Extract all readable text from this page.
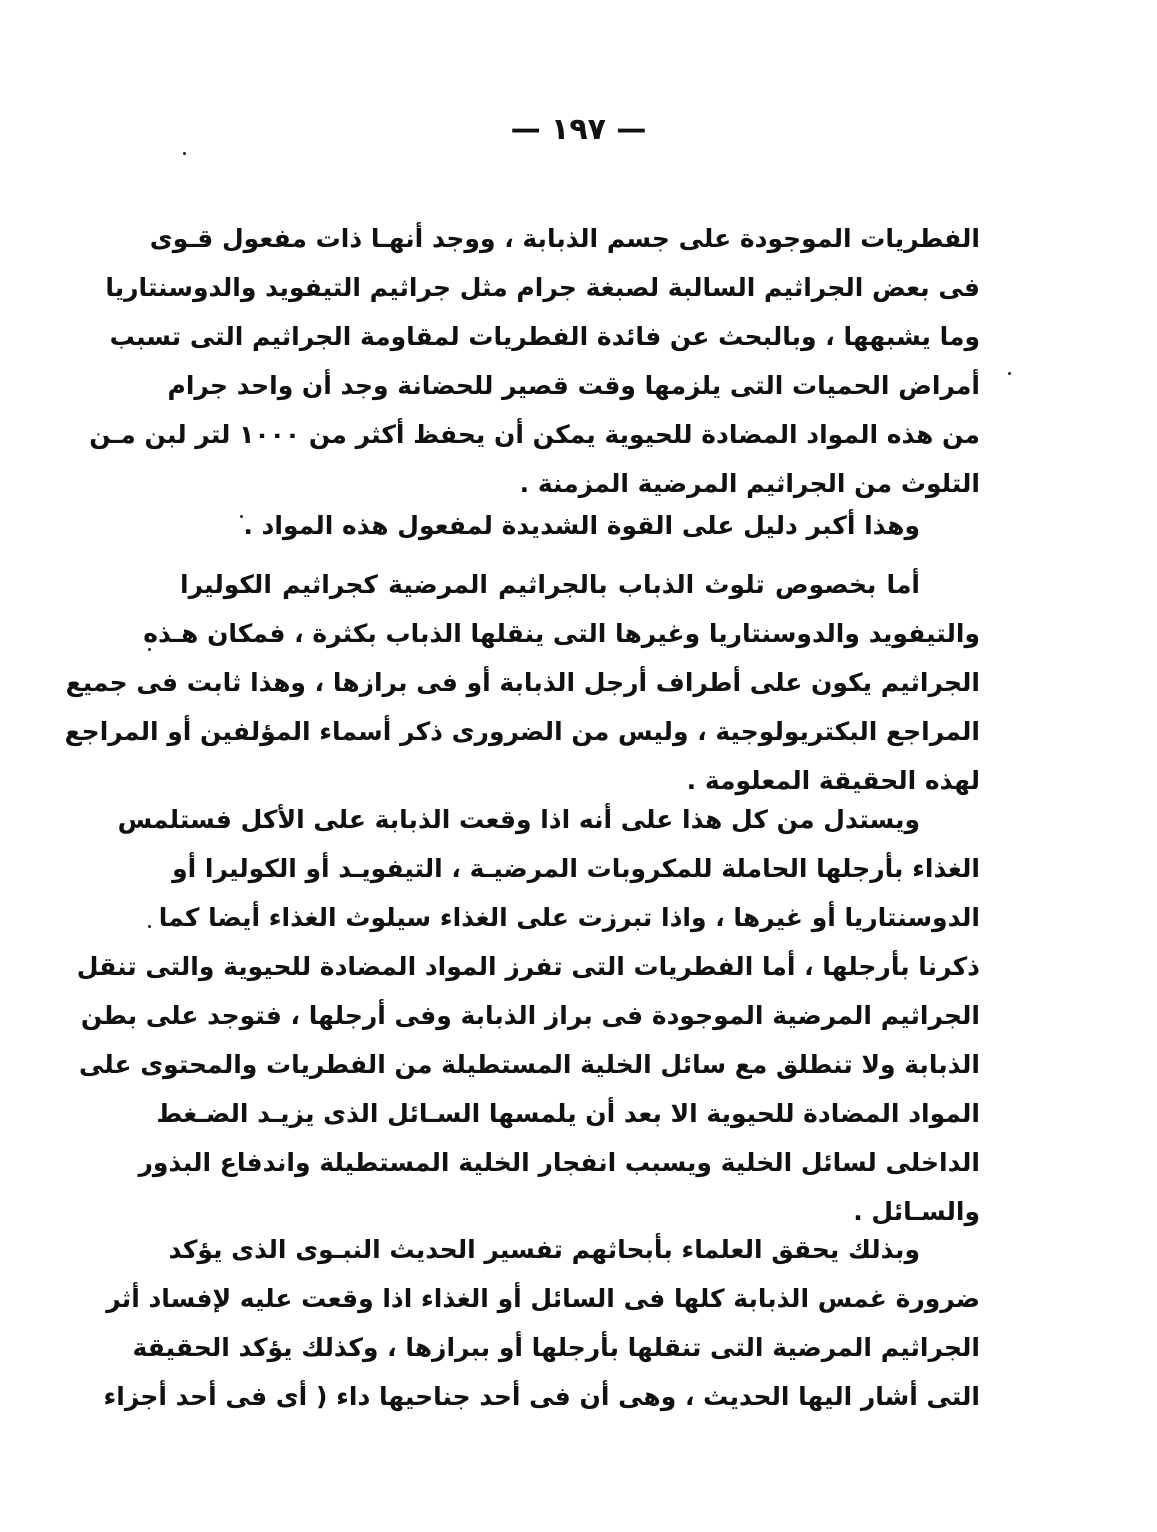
— ١٩٧ —
الفطريات الموجودة على جسم الذبابة ، ووجد أنهـا ذات مفعول قـوى
فى بعض الجراثيم السالبة لصبغة جرام مثل جراثيم التيفويد والدوسنتاريا
وما يشبهها ، وبالبحث عن فائدة الفطريات لمقاومة الجراثيم التى تسبب
أمراض الحميات التى يلزمها وقت قصير للحضانة وجد أن واحد جرام
من هذه المواد المضادة للحيوية يمكن أن يحفظ أكثر من ١٠٠٠ لتر لبن مـن
التلوث من الجراثيم المرضية المزمنة .
وهذا أكبر دليل على القوة الشديدة لمفعول هذه المواد .
أما بخصوص تلوث الذباب بالجراثيم المرضية كجراثيم الكوليرا
والتيفويد والدوسنتاريا وغيرها التى ينقلها الذباب بكثرة ، فمكان هـذه
الجراثيم يكون على أطراف أرجل الذبابة أو فى برازها ، وهذا ثابت فى جميع
المراجع البكتريولوجية ، وليس من الضرورى ذكر أسماء المؤلفين أو المراجع
لهذه الحقيقة المعلومة .
ويستدل من كل هذا على أنه اذا وقعت الذبابة على الأكل فستلمس
الغذاء بأرجلها الحاملة للمكروبات المرضيـة ، التيفويـد أو الكوليرا أو
الدوسنتاريا أو غيرها ، واذا تبرزت على الغذاء سيلوث الغذاء أيضا كما
ذكرنا بأرجلها ، أما الفطريات التى تفرز المواد المضادة للحيوية والتى تنقل
الجراثيم المرضية الموجودة فى براز الذبابة وفى أرجلها ، فتوجد على بطن
الذبابة ولا تنطلق مع سائل الخلية المستطيلة من الفطريات والمحتوى على
المواد المضادة للحيوية الا بعد أن يلمسها السـائل الذى يزيـد الضـغط
الداخلى لسائل الخلية ويسبب انفجار الخلية المستطيلة واندفاع البذور
والسـائل .
وبذلك يحقق العلماء بأبحاثهم تفسير الحديث النبـوى الذى يؤكد
ضرورة غمس الذبابة كلها فى السائل أو الغذاء اذا وقعت عليه لإفساد أثر
الجراثيم المرضية التى تنقلها بأرجلها أو ببرازها ، وكذلك يؤكد الحقيقة
التى أشار اليها الحديث ، وهى أن فى أحد جناحيها داء ( أى فى أحد أجزاء
